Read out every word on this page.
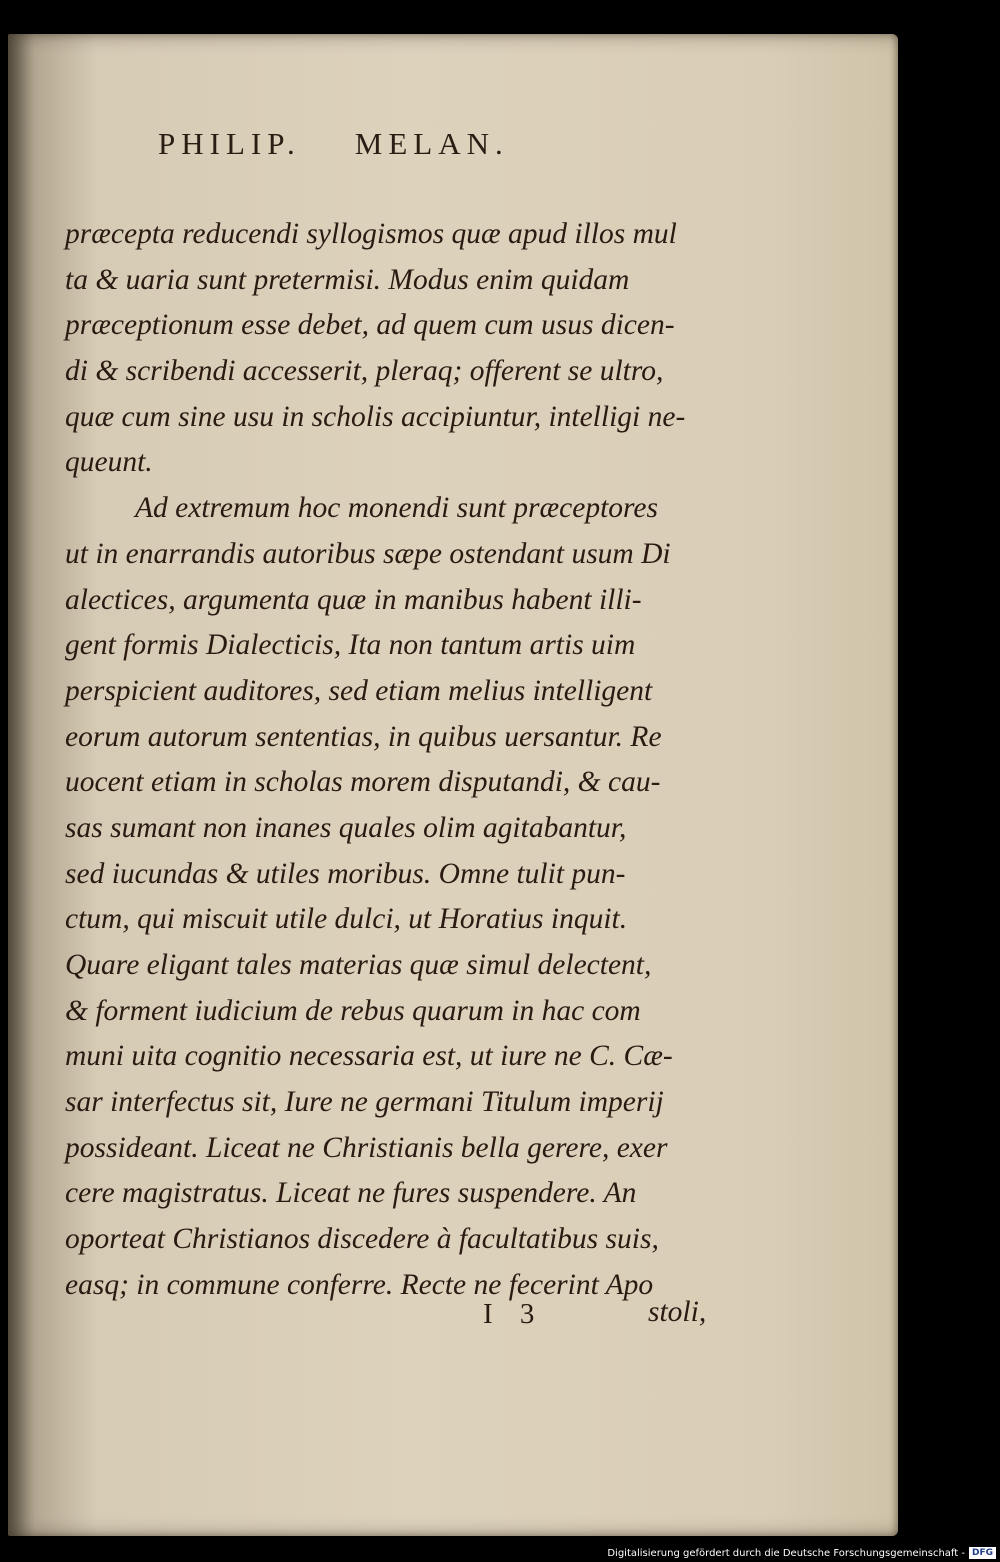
PHILIP. MELAN.
præcepta reducendi syllogismos quæ apud illos mul
ta & uaria sunt pretermisi. Modus enim quidam
præceptionum esse debet, ad quem cum usus dicen-
di & scribendi accesserit, pleraq; offerent se ultro,
quæ cum sine usu in scholis accipiuntur, intelligi ne-
queunt.
Ad extremum hoc monendi sunt præceptores
ut in enarrandis autoribus sæpe ostendant usum Di
alectices, argumenta quæ in manibus habent illi-
gent formis Dialecticis, Ita non tantum artis uim
perspicient auditores, sed etiam melius intelligent
eorum autorum sententias, in quibus uersantur. Re
uocent etiam in scholas morem disputandi, & cau-
sas sumant non inanes quales olim agitabantur,
sed iucundas & utiles moribus. Omne tulit pun-
ctum, qui miscuit utile dulci, ut Horatius inquit.
Quare eligant tales materias quæ simul delectent,
& forment iudicium de rebus quarum in hac com
muni uita cognitio necessaria est, ut iure ne C. Cæ-
sar interfectus sit, Iure ne germani Titulum imperij
possideant. Liceat ne Christianis bella gerere, exer
cere magistratus. Liceat ne fures suspendere. An
oporteat Christianos discedere à facultatibus suis,
easq; in commune conferre. Recte ne fecerint Apo
I 3	stoli,
Digitalisierung gefördert durch die Deutsche Forschungsgemeinschaft - DFG
